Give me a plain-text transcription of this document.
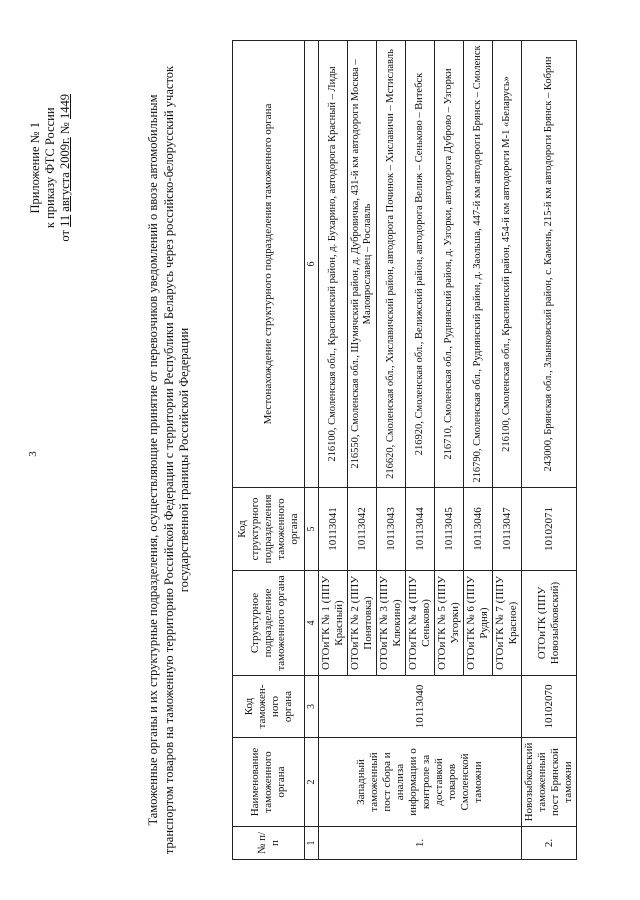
3
Приложение № 1 к приказу ФТС России
от 11 августа 2009г. № 1449	Таможенные органы и их структурные подразделения, осуществляющие принятие от перевозчиков уведомлений о ввозе автомобильным транспортом товаров на таможенную территорию Российской Федерации с территории Республики Беларусь через российско-белорусский участок государственной границы Российской Федерации
№ п/п	Наименование таможенного органа	Код таможен-ного органа	Структурное подразделение таможенного органа	Код структурного подразделения таможенного органа	Местонахождение структурного подразделения таможенного органа
1	2	3	4	5	6
1.	Западный таможенный пост сбора и анализа информации о контроле за доставкой товаров Смоленской таможни	10113040	ОТОиТК № 1 (ППУ Красный)	10113041	216100, Смоленская обл., Краснинский район, д. Бухарино, автодорога Красный – Лиды
			ОТОиТК № 2 (ППУ Понятовка)	10113042	216550, Смоленская обл., Шумячский район, д. Дубровичка, 431-й км автодороги Москва – Малоярославец – Рославль
			ОТОиТК № 3 (ППУ Клюкино)	10113043	216620, Смоленская обл., Хиславичский район, автодорога Починок – Хиславичи – Мстиславль
			ОТОиТК № 4 (ППУ Сеньково)	10113044	216920, Смоленская обл., Велижский район, автодорога Велиж – Сеньково – Витебск
			ОТОиТК № 5 (ППУ Узгорки)	10113045	216710, Смоленская обл., Руднянский район, д. Узгорки, автодорога Дуброво – Узгорки
			ОТОиТК № 6 (ППУ Рудня)	10113046	216790, Смоленская обл., Руднянский район, д. Заольша, 447-й км автодороги Брянск – Смоленск
			ОТОиТК № 7 (ППУ Красное)	10113047	216100, Смоленская обл., Краснинский район, 454-й км автодороги М-1 «Беларусь»
2.	Новозыбковский таможенный пост Брянской таможни	10102070	ОТОиТК (ППУ Новозыбковский)	10102071	243000, Брянская обл., Злынковский район, с. Камень, 215-й км автодороги Брянск – Кобрин
